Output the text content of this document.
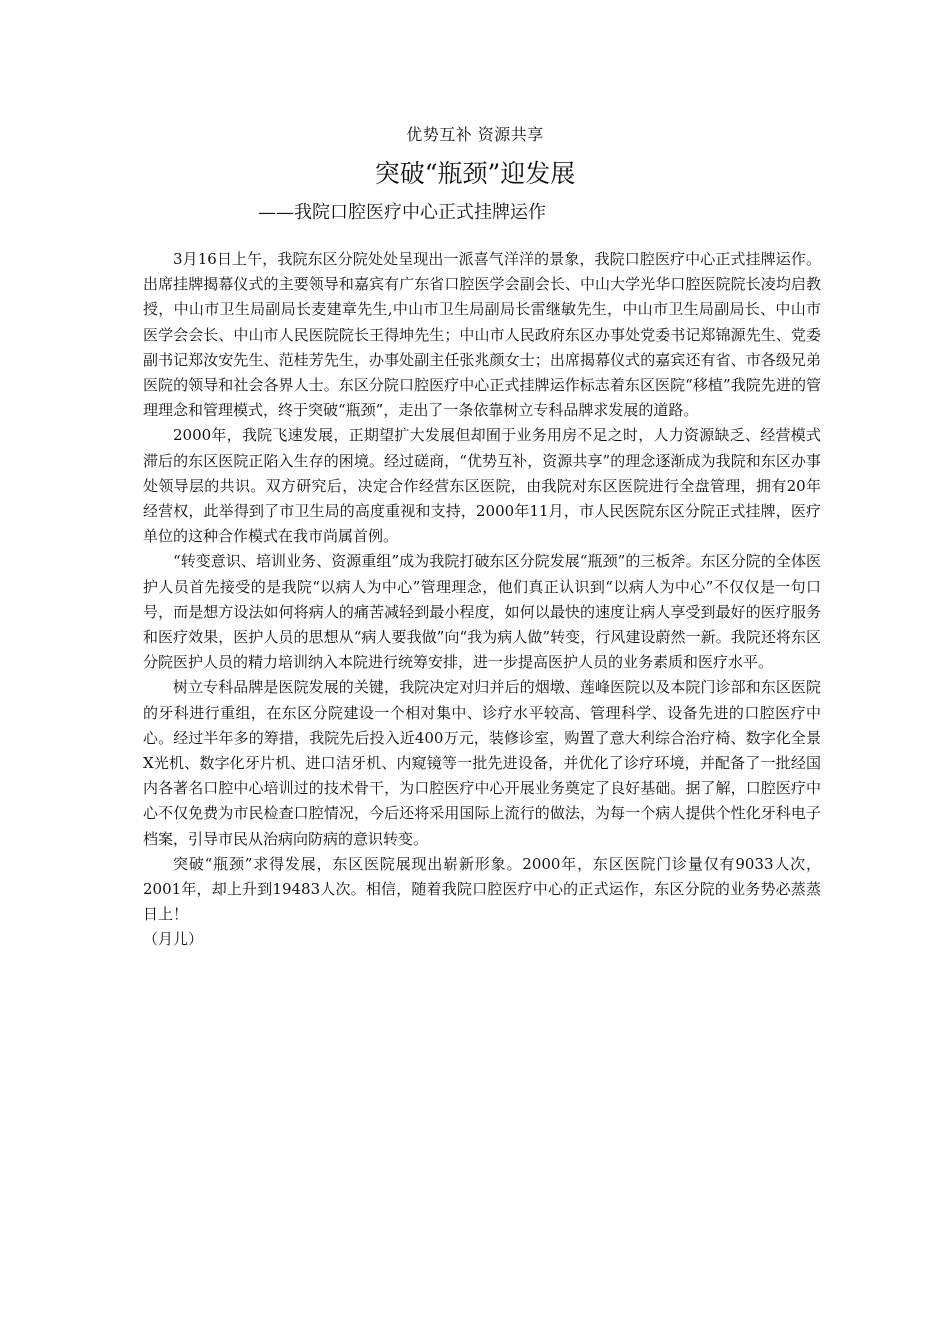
优势互补 资源共享
突破“瓶颈”迎发展
——我院口腔医疗中心正式挂牌运作

3月16日上午，我院东区分院处处呈现出一派喜气洋洋的景象，我院口腔医疗中心正式挂牌运作。出席挂牌揭幕仪式的主要领导和嘉宾有广东省口腔医学会副会长、中山大学光华口腔医院院长凌均启教授，中山市卫生局副局长麦建章先生,中山市卫生局副局长雷继敏先生，中山市卫生局副局长、中山市医学会会长、中山市人民医院院长王得坤先生；中山市人民政府东区办事处党委书记郑锦源先生、党委副书记郑汝安先生、范桂芳先生，办事处副主任张兆颜女士；出席揭幕仪式的嘉宾还有省、市各级兄弟医院的领导和社会各界人士。东区分院口腔医疗中心正式挂牌运作标志着东区医院“移植”我院先进的管理理念和管理模式，终于突破“瓶颈”，走出了一条依靠树立专科品牌求发展的道路。

2000年，我院飞速发展，正期望扩大发展但却囿于业务用房不足之时，人力资源缺乏、经营模式滞后的东区医院正陷入生存的困境。经过磋商，“优势互补，资源共享”的理念逐渐成为我院和东区办事处领导层的共识。双方研究后，决定合作经营东区医院，由我院对东区医院进行全盘管理，拥有20年经营权，此举得到了市卫生局的高度重视和支持，2000年11月，市人民医院东区分院正式挂牌，医疗单位的这种合作模式在我市尚属首例。

“转变意识、培训业务、资源重组”成为我院打破东区分院发展“瓶颈”的三板斧。东区分院的全体医护人员首先接受的是我院“以病人为中心”管理理念，他们真正认识到“以病人为中心”不仅仅是一句口号，而是想方设法如何将病人的痛苦减轻到最小程度，如何以最快的速度让病人享受到最好的医疗服务和医疗效果，医护人员的思想从“病人要我做”向“我为病人做”转变，行风建设蔚然一新。我院还将东区分院医护人员的精力培训纳入本院进行统筹安排，进一步提高医护人员的业务素质和医疗水平。

树立专科品牌是医院发展的关键，我院决定对归并后的烟墩、莲峰医院以及本院门诊部和东区医院的牙科进行重组，在东区分院建设一个相对集中、诊疗水平较高、管理科学、设备先进的口腔医疗中心。经过半年多的筹措，我院先后投入近400万元，装修诊室，购置了意大利综合治疗椅、数字化全景X光机、数字化牙片机、进口洁牙机、内窥镜等一批先进设备，并优化了诊疗环境，并配备了一批经国内各著名口腔中心培训过的技术骨干，为口腔医疗中心开展业务奠定了良好基础。据了解，口腔医疗中心不仅免费为市民检查口腔情况，今后还将采用国际上流行的做法，为每一个病人提供个性化牙科电子档案，引导市民从治病向防病的意识转变。

突破“瓶颈”求得发展，东区医院展现出崭新形象。2000年，东区医院门诊量仅有9033人次，2001年，却上升到19483人次。相信，随着我院口腔医疗中心的正式运作，东区分院的业务势必蒸蒸日上！

（月儿）
